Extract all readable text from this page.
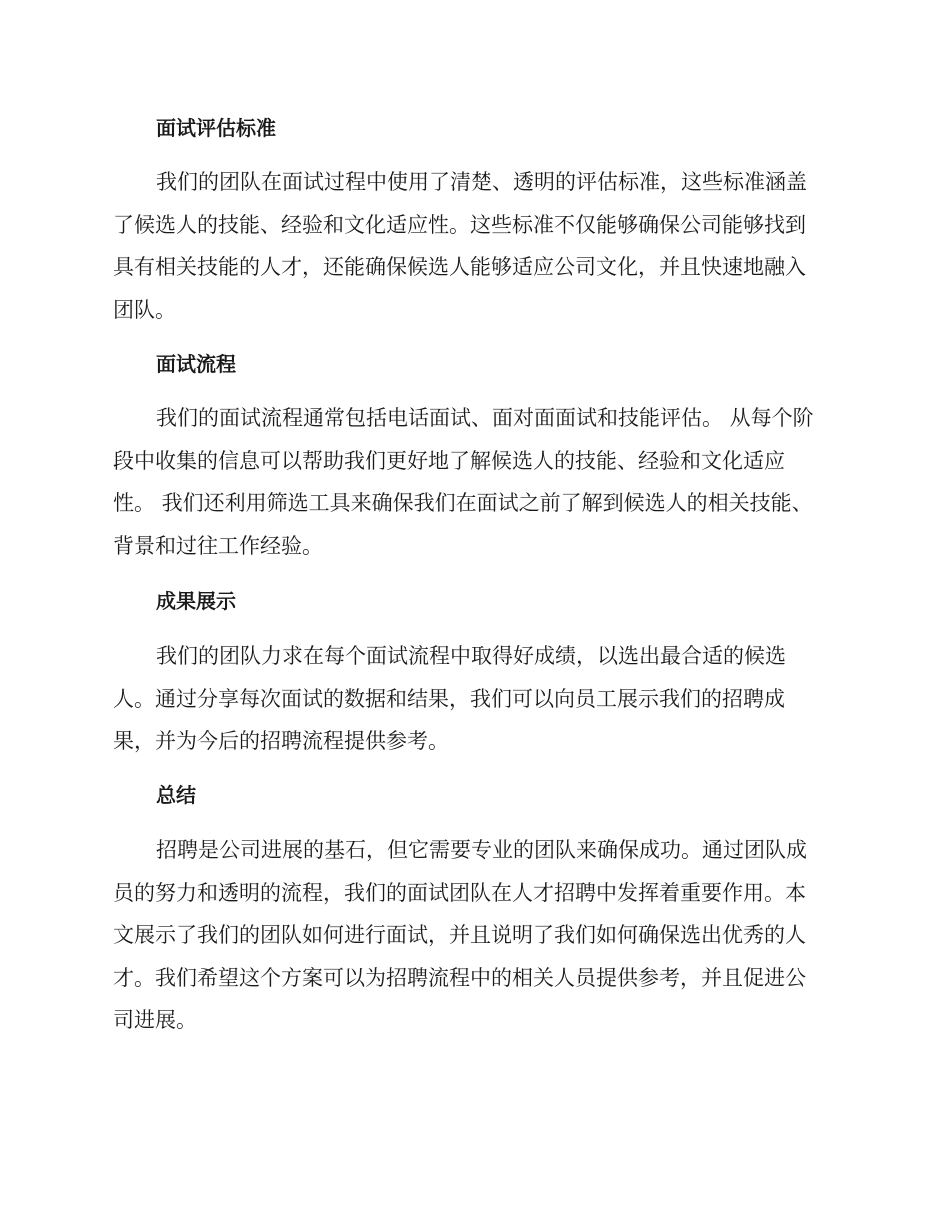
面试评估标准
我们的团队在面试过程中使用了清楚、透明的评估标准，这些标准涵盖
了候选人的技能、经验和文化适应性。这些标准不仅能够确保公司能够找到
具有相关技能的人才，还能确保候选人能够适应公司文化，并且快速地融入
团队。
面试流程
我们的面试流程通常包括电话面试、面对面面试和技能评估。 从每个阶
段中收集的信息可以帮助我们更好地了解候选人的技能、经验和文化适应
性。 我们还利用筛选工具来确保我们在面试之前了解到候选人的相关技能、
背景和过往工作经验。
成果展示
我们的团队力求在每个面试流程中取得好成绩，以选出最合适的候选
人。通过分享每次面试的数据和结果，我们可以向员工展示我们的招聘成
果，并为今后的招聘流程提供参考。
总结
招聘是公司进展的基石，但它需要专业的团队来确保成功。通过团队成
员的努力和透明的流程，我们的面试团队在人才招聘中发挥着重要作用。本
文展示了我们的团队如何进行面试，并且说明了我们如何确保选出优秀的人
才。我们希望这个方案可以为招聘流程中的相关人员提供参考，并且促进公
司进展。
